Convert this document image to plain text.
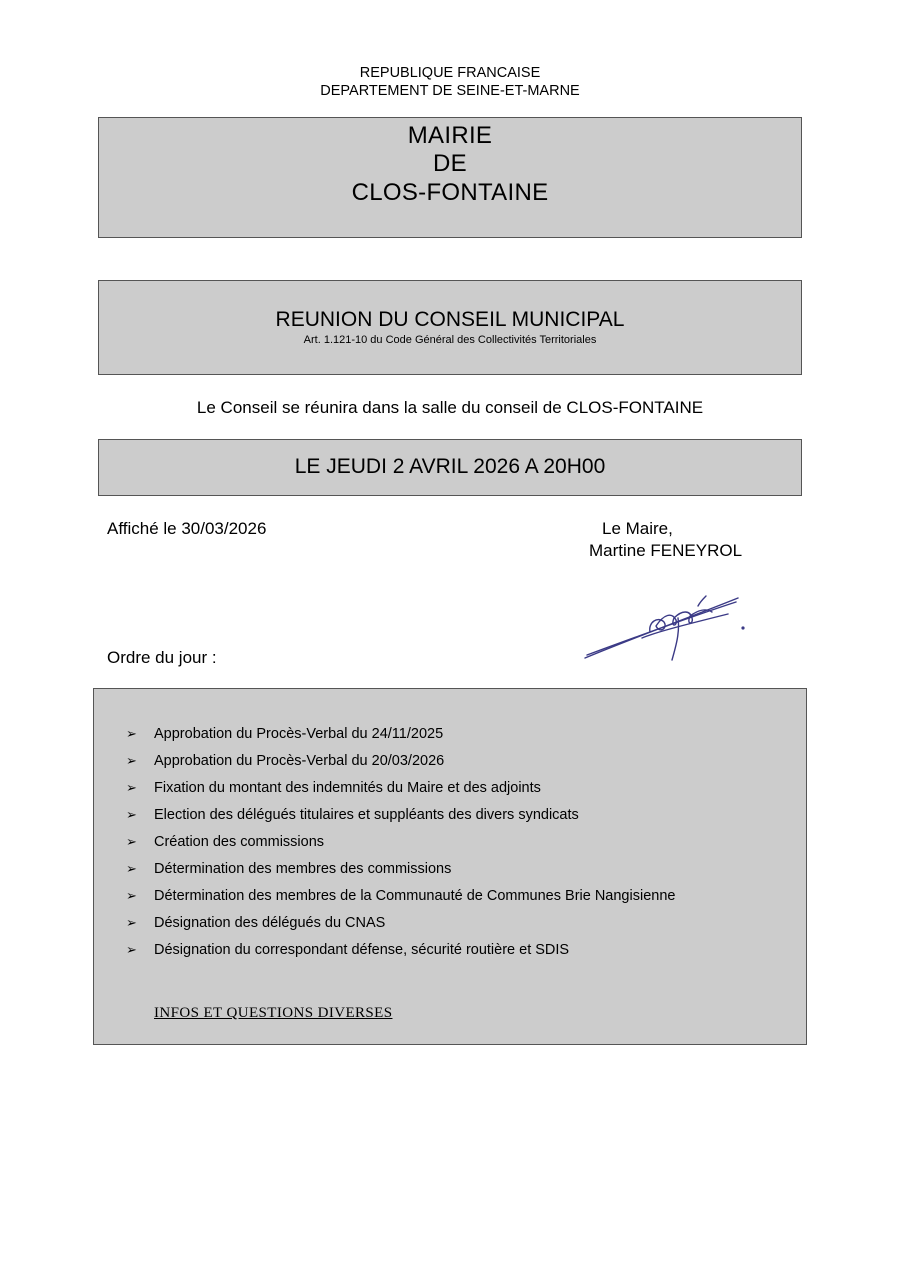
REPUBLIQUE FRANCAISE
DEPARTEMENT DE SEINE-ET-MARNE
MAIRIE
DE
CLOS-FONTAINE
REUNION DU CONSEIL MUNICIPAL
Art. 1.121-10 du Code Général des Collectivités Territoriales
Le Conseil se réunira dans la salle du conseil de CLOS-FONTAINE
LE JEUDI 2 AVRIL 2026 A 20H00
Affiché le 30/03/2026	Le Maire,
Martine FENEYROL
Ordre du jour :
➢ Approbation du Procès-Verbal du 24/11/2025
➢ Approbation du Procès-Verbal du 20/03/2026
➢ Fixation du montant des indemnités du Maire et des adjoints
➢ Election des délégués titulaires et suppléants des divers syndicats
➢ Création des commissions
➢ Détermination des membres des commissions
➢ Détermination des membres de la Communauté de Communes Brie Nangisienne
➢ Désignation des délégués du CNAS
➢ Désignation du correspondant défense, sécurité routière et SDIS
INFOS ET QUESTIONS DIVERSES
